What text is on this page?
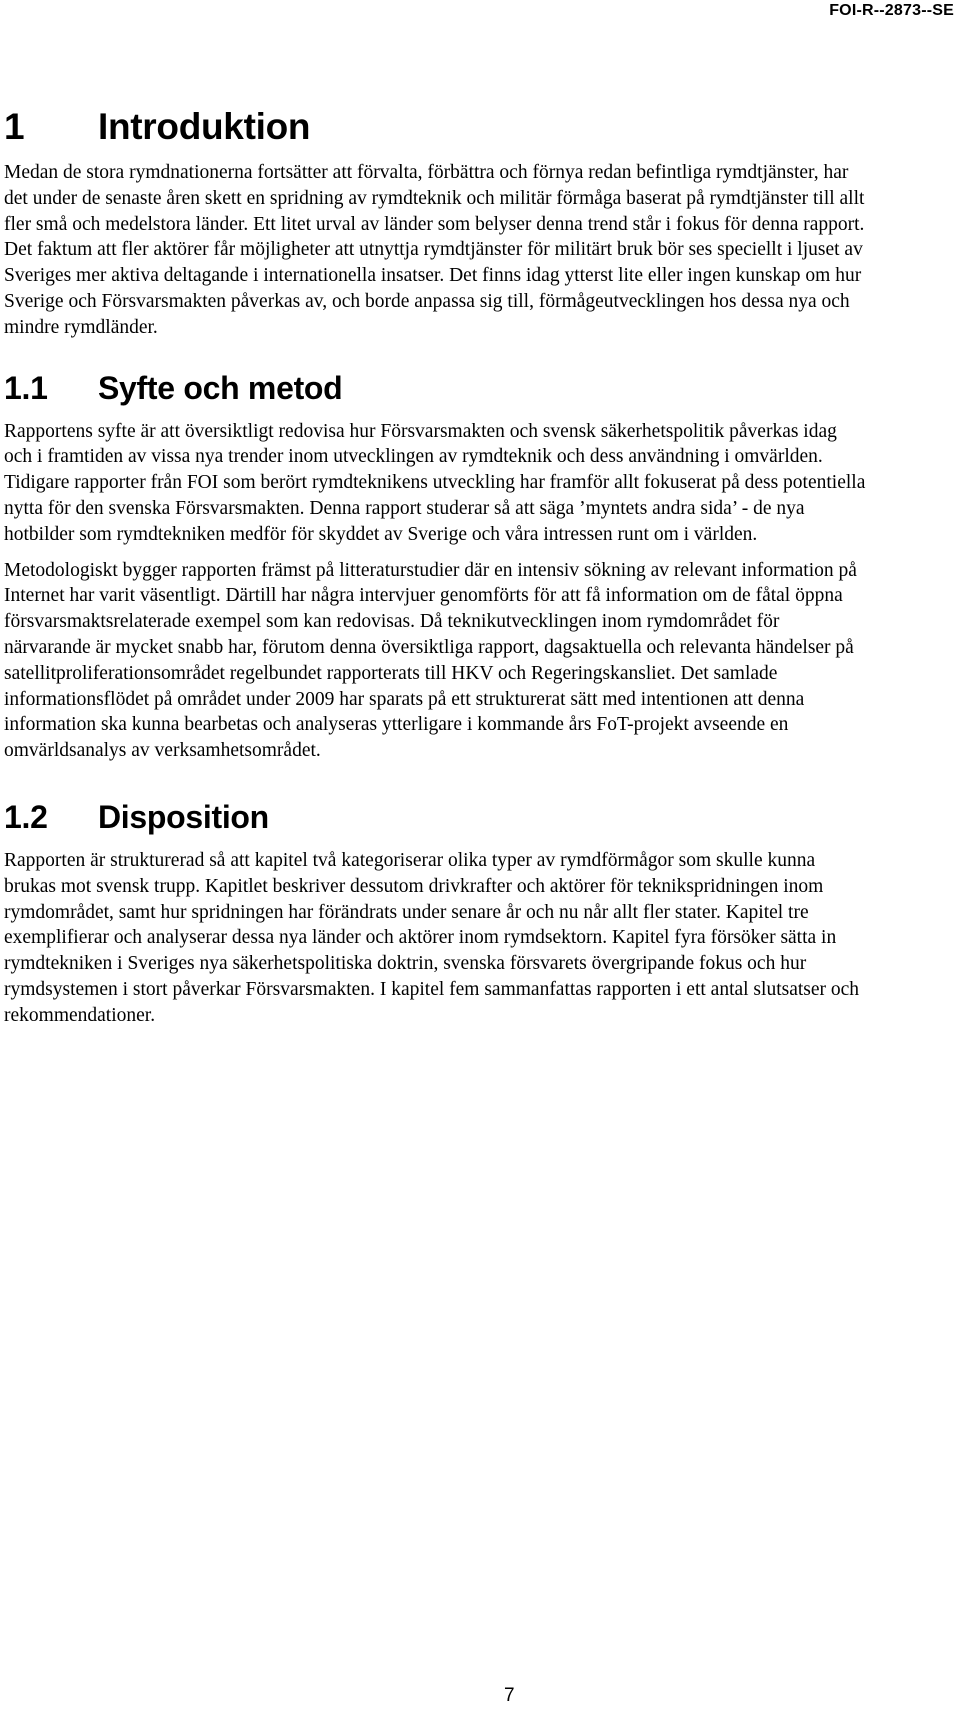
FOI-R--2873--SE
1	Introduktion

Medan de stora rymdnationerna fortsätter att förvalta, förbättra och förnya redan befintliga rymdtjänster, har det under de senaste åren skett en spridning av rymdteknik och militär förmåga baserat på rymdtjänster till allt fler små och medelstora länder. Ett litet urval av länder som belyser denna trend står i fokus för denna rapport. Det faktum att fler aktörer får möjligheter att utnyttja rymdtjänster för militärt bruk bör ses speciellt i ljuset av Sveriges mer aktiva deltagande i internationella insatser. Det finns idag ytterst lite eller ingen kunskap om hur Sverige och Försvarsmakten påverkas av, och borde anpassa sig till, förmågeutvecklingen hos dessa nya och mindre rymdländer.

1.1	Syfte och metod

Rapportens syfte är att översiktligt redovisa hur Försvarsmakten och svensk säkerhetspolitik påverkas idag och i framtiden av vissa nya trender inom utvecklingen av rymdteknik och dess användning i omvärlden. Tidigare rapporter från FOI som berört rymdteknikens utveckling har framför allt fokuserat på dess potentiella nytta för den svenska Försvarsmakten. Denna rapport studerar så att säga ’myntets andra sida’ - de nya hotbilder som rymdtekniken medför för skyddet av Sverige och våra intressen runt om i världen.

Metodologiskt bygger rapporten främst på litteraturstudier där en intensiv sökning av relevant information på Internet har varit väsentligt. Därtill har några intervjuer genomförts för att få information om de fåtal öppna försvarsmaktsrelaterade exempel som kan redovisas. Då teknikutvecklingen inom rymdområdet för närvarande är mycket snabb har, förutom denna översiktliga rapport, dagsaktuella och relevanta händelser på satellitproliferationsområdet regelbundet rapporterats till HKV och Regeringskansliet. Det samlade informationsflödet på området under 2009 har sparats på ett strukturerat sätt med intentionen att denna information ska kunna bearbetas och analyseras ytterligare i kommande års FoT-projekt avseende en omvärldsanalys av verksamhetsområdet.

1.2	Disposition

Rapporten är strukturerad så att kapitel två kategoriserar olika typer av rymdförmågor som skulle kunna brukas mot svensk trupp. Kapitlet beskriver dessutom drivkrafter och aktörer för teknikspridningen inom rymdområdet, samt hur spridningen har förändrats under senare år och nu når allt fler stater. Kapitel tre exemplifierar och analyserar dessa nya länder och aktörer inom rymdsektorn. Kapitel fyra försöker sätta in rymdtekniken i Sveriges nya säkerhetspolitiska doktrin, svenska försvarets övergripande fokus och hur rymdsystemen i stort påverkar Försvarsmakten. I kapitel fem sammanfattas rapporten i ett antal slutsatser och rekommendationer.

7
